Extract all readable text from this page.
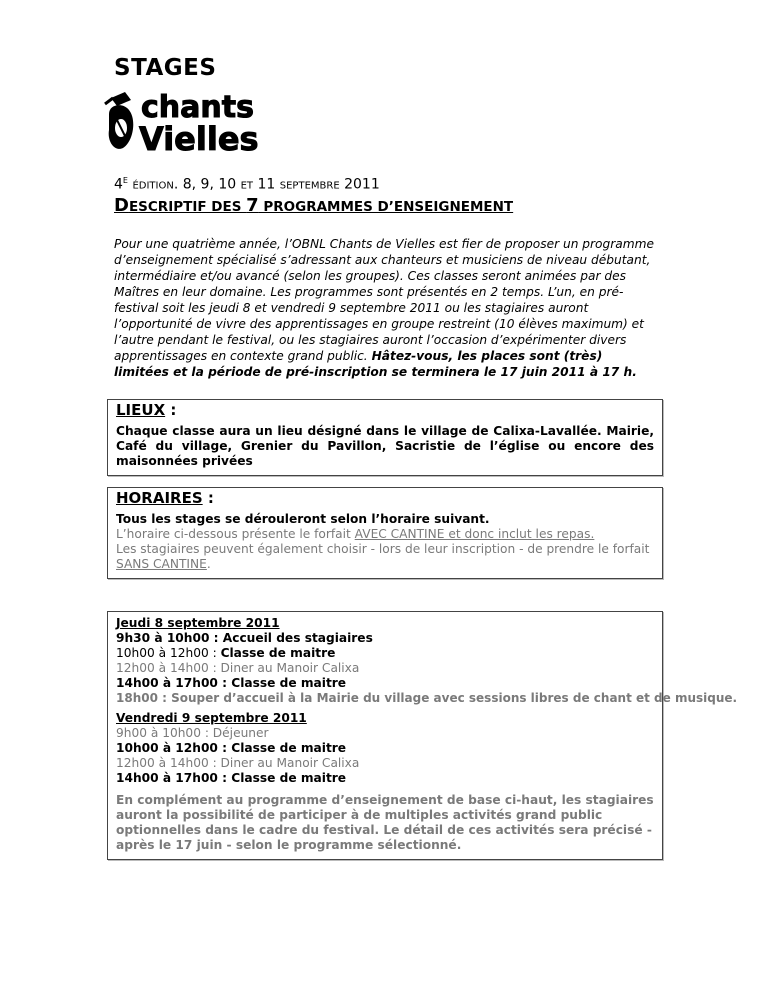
STAGES
chants
Vielles
$4^E$ ÉDITION. 8, 9, 10 ET 11 SEPTEMBRE 2011
DESCRIPTIF DES 7 PROGRAMMES D’ENSEIGNEMENT
Pour une quatrième année, l’OBNL Chants de Vielles est fier de proposer un programme d’enseignement spécialisé s’adressant aux chanteurs et musiciens de niveau débutant, intermédiaire et/ou avancé (selon les groupes). Ces classes seront animées par des Maîtres en leur domaine. Les programmes sont présentés en 2 temps. L’un, en pré-festival soit les jeudi 8 et vendredi 9 septembre 2011 ou les stagiaires auront l’opportunité de vivre des apprentissages en groupe restreint (10 élèves maximum) et l’autre pendant le festival, ou les stagiaires auront l’occasion d’expérimenter divers apprentissages en contexte grand public. Hâtez-vous, les places sont (très) limitées et la période de pré-inscription se terminera le 17 juin 2011 à 17 h.
LIEUX :
Chaque classe aura un lieu désigné dans le village de Calixa-Lavallée. Mairie, Café du village, Grenier du Pavillon, Sacristie de l’église ou encore des maisonnées privées
HORAIRES :
Tous les stages se dérouleront selon l’horaire suivant.
L’horaire ci-dessous présente le forfait AVEC CANTINE et donc inclut les repas.
Les stagiaires peuvent également choisir - lors de leur inscription - de prendre le forfait
SANS CANTINE.
Jeudi 8 septembre 2011
9h30 à 10h00 : Accueil des stagiaires
10h00 à 12h00 : Classe de maitre
12h00 à 14h00 : Diner au Manoir Calixa
14h00 à 17h00 : Classe de maitre
18h00 : Souper d’accueil à la Mairie du village avec sessions libres de chant et de musique.
Vendredi 9 septembre 2011
9h00 à 10h00 : Déjeuner
10h00 à 12h00 : Classe de maitre
12h00 à 14h00 : Diner au Manoir Calixa
14h00 à 17h00 : Classe de maitre
En complément au programme d’enseignement de base ci-haut, les stagiaires auront la possibilité de participer à de multiples activités grand public optionnelles dans le cadre du festival. Le détail de ces activités sera précisé - après le 17 juin - selon le programme sélectionné.
